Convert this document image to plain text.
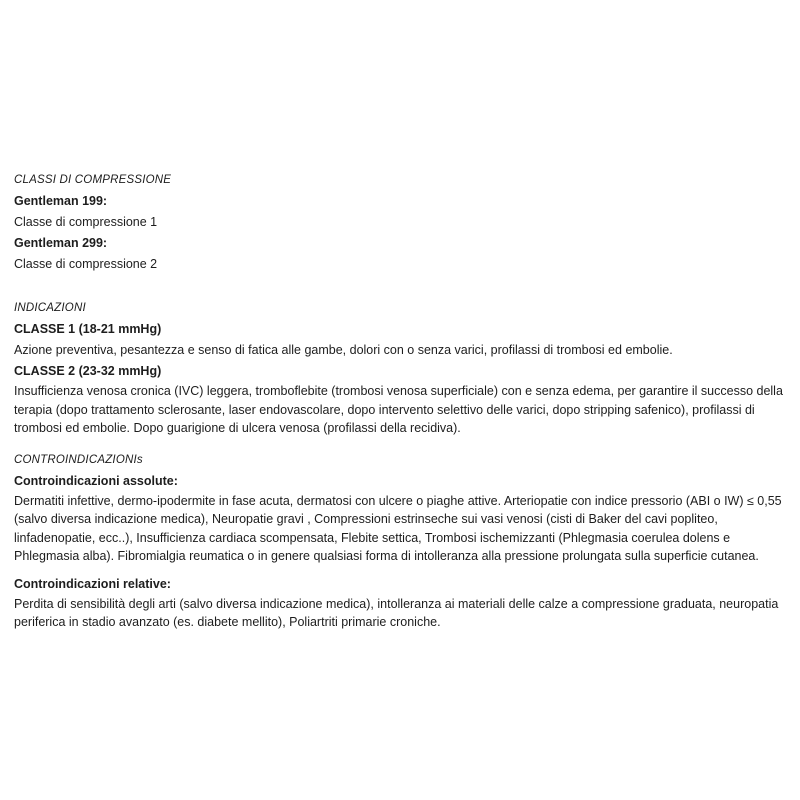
CLASSI DI COMPRESSIONE

Gentleman 199:

Classe di compressione 1

Gentleman 299:

Classe di compressione 2

INDICAZIONI

CLASSE 1 (18-21 mmHg)

Azione preventiva, pesantezza e senso di fatica alle gambe, dolori con o senza varici, profilassi di trombosi ed embolie.

CLASSE 2 (23-32 mmHg)

Insufficienza venosa cronica (IVC) leggera, tromboflebite (trombosi venosa superficiale) con e senza edema, per garantire il successo della terapia (dopo trattamento sclerosante, laser endovascolare, dopo intervento selettivo delle varici, dopo stripping safenico), profilassi di trombosi ed embolie. Dopo guarigione di ulcera venosa (profilassi della recidiva).

CONTROINDICAZIONIs

Controindicazioni assolute:

Dermatiti infettive, dermo-ipodermite in fase acuta, dermatosi con ulcere o piaghe attive. Arteriopatie con indice pressorio (ABI o IW) ≤ 0,55 (salvo diversa indicazione medica), Neuropatie gravi , Compressioni estrinseche sui vasi venosi (cisti di Baker del cavi popliteo, linfadenopatie, ecc..), Insufficienza cardiaca scompensata, Flebite settica, Trombosi ischemizzanti (Phlegmasia coerulea dolens e Phlegmasia alba). Fibromialgia reumatica o in genere qualsiasi forma di intolleranza alla pressione prolungata sulla superficie cutanea.

Controindicazioni relative:

Perdita di sensibilità degli arti (salvo diversa indicazione medica), intolleranza ai materiali delle calze a compressione graduata, neuropatia periferica in stadio avanzato (es. diabete mellito), Poliartriti primarie croniche.
